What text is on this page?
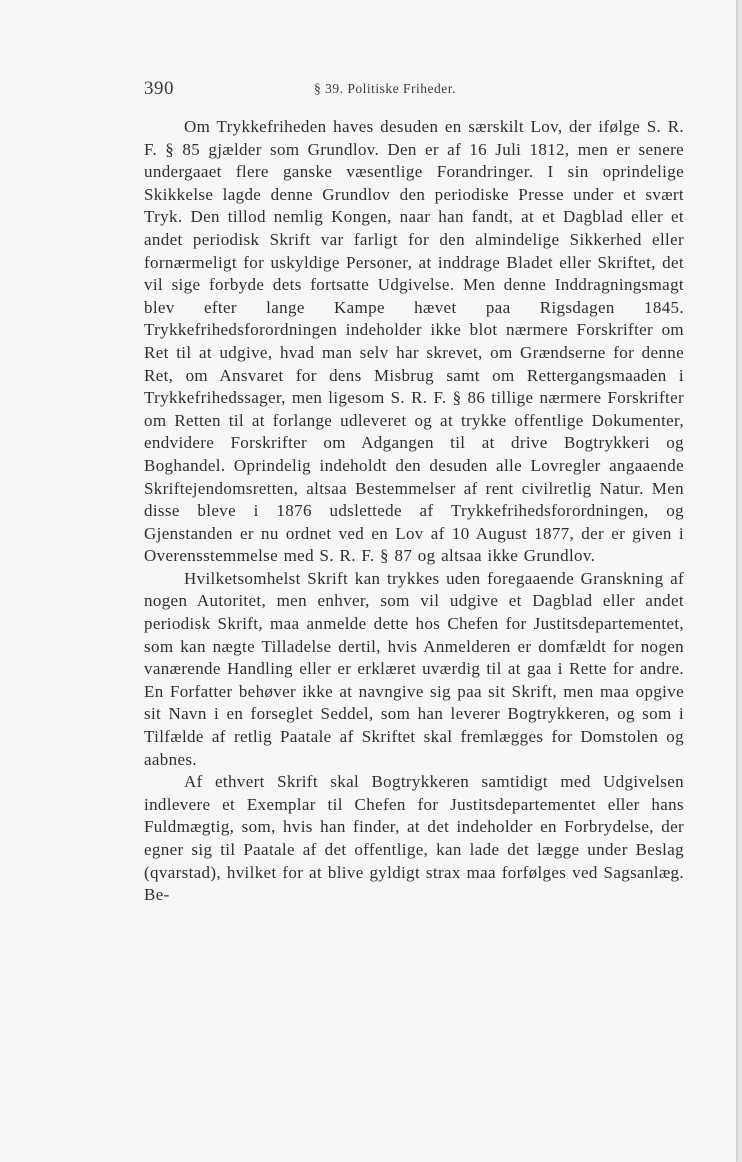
390	§ 39. Politiske Friheder.

Om Trykkefriheden haves desuden en særskilt Lov, der ifølge S. R. F. § 85 gjælder som Grundlov. Den er af 16 Juli 1812, men er senere undergaaet flere ganske væsentlige Forandringer. I sin oprindelige Skikkelse lagde denne Grundlov den periodiske Presse under et svært Tryk. Den tillod nemlig Kongen, naar han fandt, at et Dagblad eller et andet periodisk Skrift var farligt for den almindelige Sikkerhed eller fornærmeligt for uskyldige Personer, at inddrage Bladet eller Skriftet, det vil sige forbyde dets fortsatte Udgivelse. Men denne Inddragningsmagt blev efter lange Kampe hævet paa Rigsdagen 1845. Trykkefrihedsforordningen indeholder ikke blot nærmere Forskrifter om Ret til at udgive, hvad man selv har skrevet, om Grændserne for denne Ret, om Ansvaret for dens Misbrug samt om Rettergangsmaaden i Trykkefrihedssager, men ligesom S. R. F. § 86 tillige nærmere Forskrifter om Retten til at forlange udleveret og at trykke offentlige Dokumenter, endvidere Forskrifter om Adgangen til at drive Bogtrykkeri og Boghandel. Oprindelig indeholdt den desuden alle Lovregler angaaende Skriftejendomsretten, altsaa Bestemmelser af rent civilretlig Natur. Men disse bleve i 1876 udslettede af Trykkefrihedsforordningen, og Gjenstanden er nu ordnet ved en Lov af 10 August 1877, der er given i Overensstemmelse med S. R. F. § 87 og altsaa ikke Grundlov.

Hvilketsomhelst Skrift kan trykkes uden foregaaende Granskning af nogen Autoritet, men enhver, som vil udgive et Dagblad eller andet periodisk Skrift, maa anmelde dette hos Chefen for Justitsdepartementet, som kan nægte Tilladelse dertil, hvis Anmelderen er domfældt for nogen vanærende Handling eller er erklæret uværdig til at gaa i Rette for andre. En Forfatter behøver ikke at navngive sig paa sit Skrift, men maa opgive sit Navn i en forseglet Seddel, som han leverer Bogtrykkeren, og som i Tilfælde af retlig Paatale af Skriftet skal fremlægges for Domstolen og aabnes.

Af ethvert Skrift skal Bogtrykkeren samtidigt med Udgivelsen indlevere et Exemplar til Chefen for Justitsdepartementet eller hans Fuldmægtig, som, hvis han finder, at det indeholder en Forbrydelse, der egner sig til Paatale af det offentlige, kan lade det lægge under Beslag (qvarstad), hvilket for at blive gyldigt strax maa forfølges ved Sagsanlæg. Be-
